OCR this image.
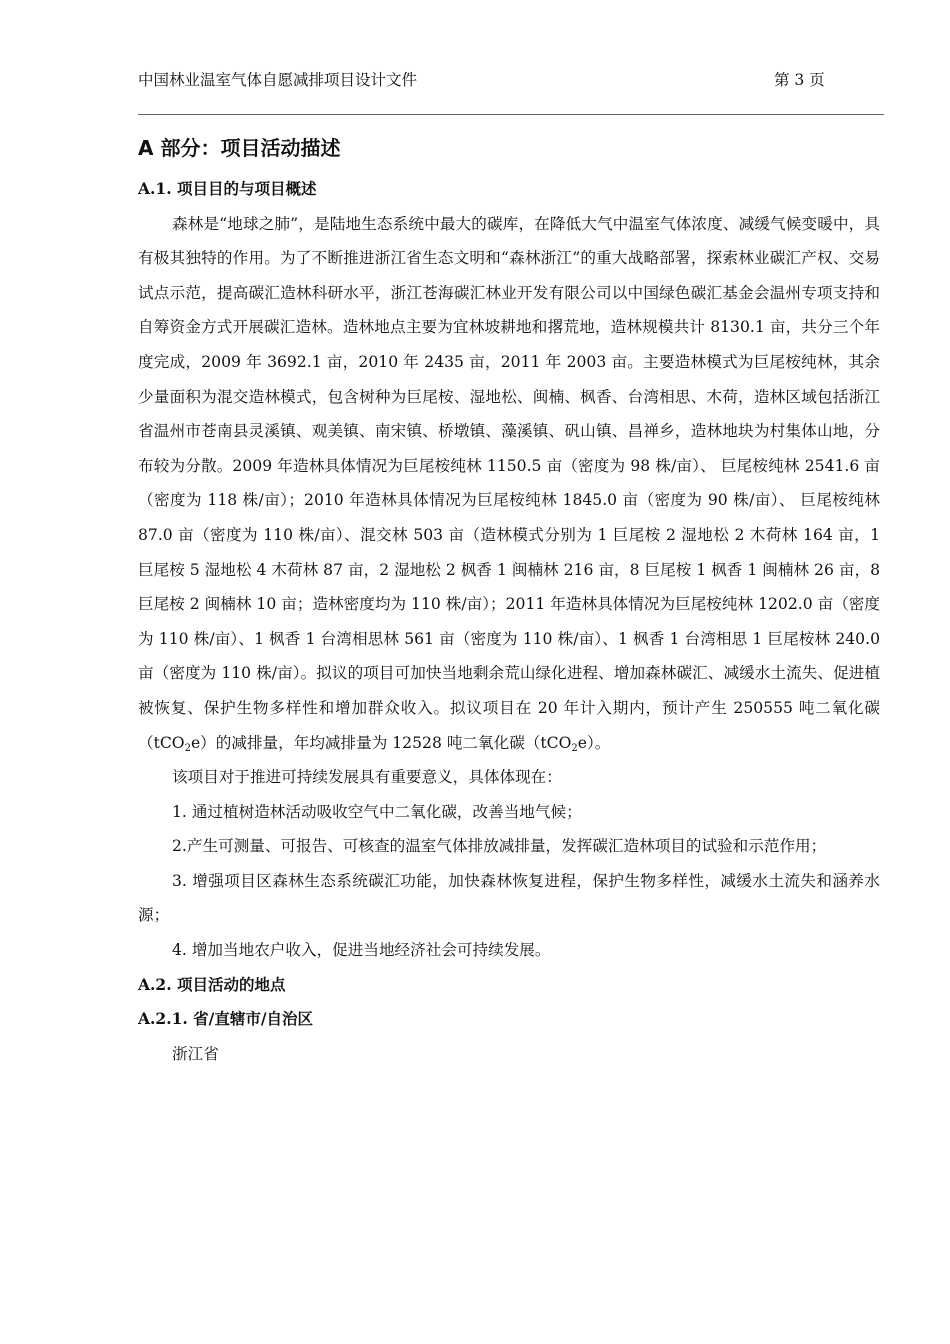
中国林业温室气体自愿减排项目设计文件	第 3 页
A 部分：项目活动描述
A.1. 项目目的与项目概述

森林是“地球之肺”，是陆地生态系统中最大的碳库，在降低大气中温室气体浓度、减缓气候变暖中，具有极其独特的作用。为了不断推进浙江省生态文明和“森林浙江”的重大战略部署，探索林业碳汇产权、交易试点示范，提高碳汇造林科研水平，浙江苍海碳汇林业开发有限公司以中国绿色碳汇基金会温州专项支持和自筹资金方式开展碳汇造林。造林地点主要为宜林坡耕地和撂荒地，造林规模共计 8130.1 亩，共分三个年度完成，2009 年 3692.1 亩，2010 年 2435 亩，2011 年 2003 亩。主要造林模式为巨尾桉纯林，其余少量面积为混交造林模式，包含树种为巨尾桉、湿地松、闽楠、枫香、台湾相思、木荷，造林区域包括浙江省温州市苍南县灵溪镇、观美镇、南宋镇、桥墩镇、藻溪镇、矾山镇、昌禅乡，造林地块为村集体山地，分布较为分散。2009 年造林具体情况为巨尾桉纯林 1150.5 亩（密度为 98 株/亩）、 巨尾桉纯林 2541.6 亩（密度为 118 株/亩）；2010 年造林具体情况为巨尾桉纯林 1845.0 亩（密度为 90 株/亩）、 巨尾桉纯林 87.0 亩（密度为 110 株/亩）、混交林 503 亩（造林模式分别为 1 巨尾桉 2 湿地松 2 木荷林 164 亩，1 巨尾桉 5 湿地松 4 木荷林 87 亩，2 湿地松 2 枫香 1 闽楠林 216 亩，8 巨尾桉 1 枫香 1 闽楠林 26 亩，8 巨尾桉 2 闽楠林 10 亩；造林密度均为 110 株/亩）；2011 年造林具体情况为巨尾桉纯林 1202.0 亩（密度为 110 株/亩）、1 枫香 1 台湾相思林 561 亩（密度为 110 株/亩）、1 枫香 1 台湾相思 1 巨尾桉林 240.0 亩（密度为 110 株/亩）。拟议的项目可加快当地剩余荒山绿化进程、增加森林碳汇、减缓水土流失、促进植被恢复、保护生物多样性和增加群众收入。拟议项目在 20 年计入期内，预计产生 250555 吨二氧化碳（tCO$_2$e）的减排量，年均减排量为 12528 吨二氧化碳（tCO$_2$e）。

该项目对于推进可持续发展具有重要意义，具体体现在：

1. 通过植树造林活动吸收空气中二氧化碳，改善当地气候；

2.产生可测量、可报告、可核查的温室气体排放减排量，发挥碳汇造林项目的试验和示范作用；

3. 增强项目区森林生态系统碳汇功能，加快森林恢复进程，保护生物多样性，减缓水土流失和涵养水源；

4. 增加当地农户收入，促进当地经济社会可持续发展。

A.2. 项目活动的地点
A.2.1. 省/直辖市/自治区

浙江省
